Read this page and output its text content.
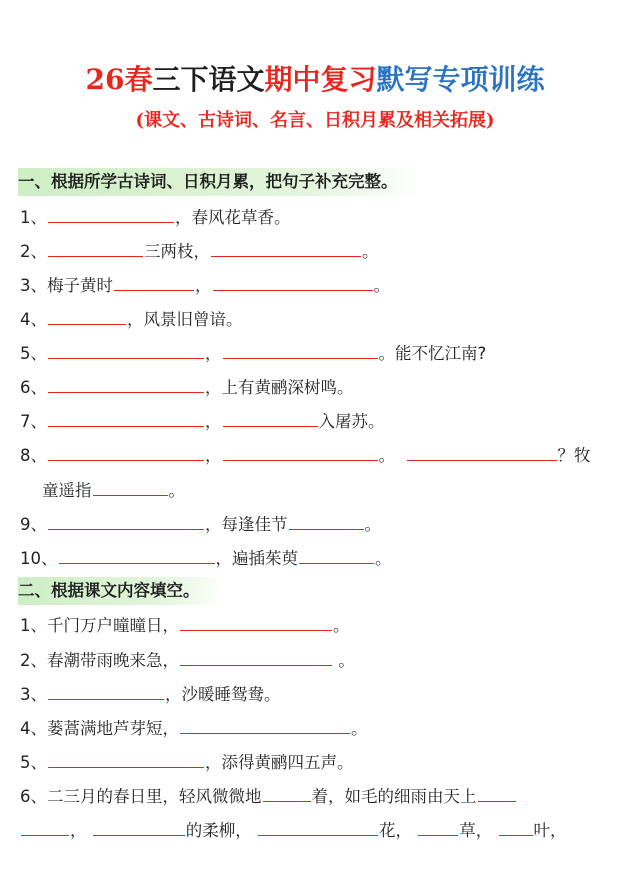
26春三下语文期中复习默写专项训练
(课文、古诗词、名言、日积月累及相关拓展)
一、根据所学古诗词、日积月累，把句子补充完整。
1、	，春风花草香。
2、	三两枝，	。
3、梅子黄时	，	。
4、	，风景旧曾谙。
5、	，	。能不忆江南?
6、	，上有黄鹂深树鸣。
7、	，	入屠苏。
8、	，	。	？牧
童遥指	。
9、	，每逢佳节	。
10、	，遍插茱萸	。
二、根据课文内容填空。
1、千门万户曈曈日，	。
2、春潮带雨晚来急，	。
3、	，沙暖睡鸳鸯。
4、蒌蒿满地芦芽短，	。
5、	，添得黄鹂四五声。
6、二三月的春日里，轻风微微地	着，如毛的细雨由天上
，	的柔柳，	花，	草，	叶，
